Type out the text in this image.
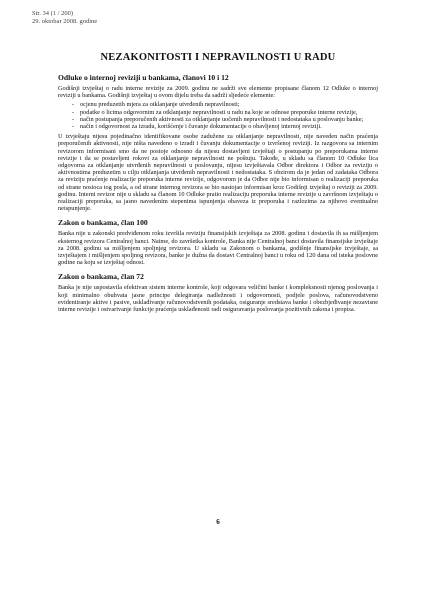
Str. 34 (1 / 200)
29. oktobar 2008. godine
NEZAKONITOSTI I NEPRAVILNOSTI U RADU
Odluke o internoj reviziji u bankama, članovi 10 i 12

Godišnji izvještaj o radu interne revizije za 2009. godinu ne sadrži sve elemente propisane članom 12 Odluke o internoj reviziji u bankama. Godišnji izvještaj u ovom dijelu treba da sadrži sljedeće elemente:

- ocjenu preduzetih mjera za otklanjanje utvrđenih nepravilnosti;
- podatke o licima odgovornim za otklanjanje nepravilnosti u radu na koje se odnose preporuke interne revizije,
- način postupanja preporučenih aktivnosti za otklanjanje uočenih nepravilnosti i nedostataka u poslovanju banke;
- način i odgovornost za izradu, korišćenje i čuvanje dokumentacije o obavljenoj internoj reviziji.

U izvještaju nijesu pojedinačno identifikovane osobe zadužene za otklanjanje nepravilnosti, nije naveden način praćenja preporučenih aktivnosti, nije ništa navedeno o izradi i čuvanju dokumentacije o izvršenoj reviziji. Iz razgovora sa internim revizorom informisani smo da ne postoje odnosno da nijesu dostavljeni izvještaji o postupanju po preporukama interne revizije i da se postavljeni rokovi za otklanjanje nepravilnosti ne poštuju. Takođe, u skladu sa članom 10 Odluke lica odgovorna za otklanjanje utvrđenih nepravilnosti u poslovanju, nijesu izvještavala Odbor direktora i Odbor za reviziju o aktivnostima preduzetim u cilju otklanjanja utvrđenih nepravilnosti i nedostataka. S obzirom da je jedan od zadataka Odbora za reviziju praćenje realizacije preporuka interne revizije, odgovorom je da Odbor nije bio informisan o realizaciji preporuka od strane nosioca tog posla, a od strane internog revizora se bio nastojao informisan kroz Godišnji izvještaj o reviziji za 2009. godinu. Interni revizor nije u skladu sa članom 10 Odluke pratio realizaciju preporuka interne revizije u završnom izvještaju o realizaciji preporuka, sa jasno navedenim stepenima ispunjenja obaveza iz preporuka i razlozima za njihovo eventualno neispunjenje.

Zakon o bankama, član 100

Banka nije u zakonski predviđenom roku izvršila reviziju finansijskih izvještaja za 2008. godinu i dostavila ih sa mišljenjem eksternog revizora Centralnoj banci. Naime, do završetka kontrole, Banka nije Centralnoj banci dostavila finansijske izvještaje za 2008. godinu sa mišljenjem spoljnjeg revizora. U skladu sa Zakonom o bankama, godišnje finansijske izvještaje, sa izvještajem i mišljenjem spoljnog revizora, banke je dužna da dostavi Centralnoj banci u roku od 120 dana od isteka poslovne godine na koju se izvještaj odnosi.

Zakon o bankama, član 72

Banka je nije uspostavila efektivan sistem interne kontrole, koji odgovara veličini banke i kompleksnosti njenog poslovanja i koji minimalno obuhvata jasne principe delegiranja nadležnosti i odgovornosti, podjele poslova, računovodstveno evidentiranje aktive i pasive, usklađivanje računovodstvenih podataka, osiguranje sredstava banke i obezbjeđivanje nezavisne interne revizije i ostvarivanje funkcije praćenja usklađenosti radi osiguravanja poslovanja pozitivnih zakona i propisa.

6
